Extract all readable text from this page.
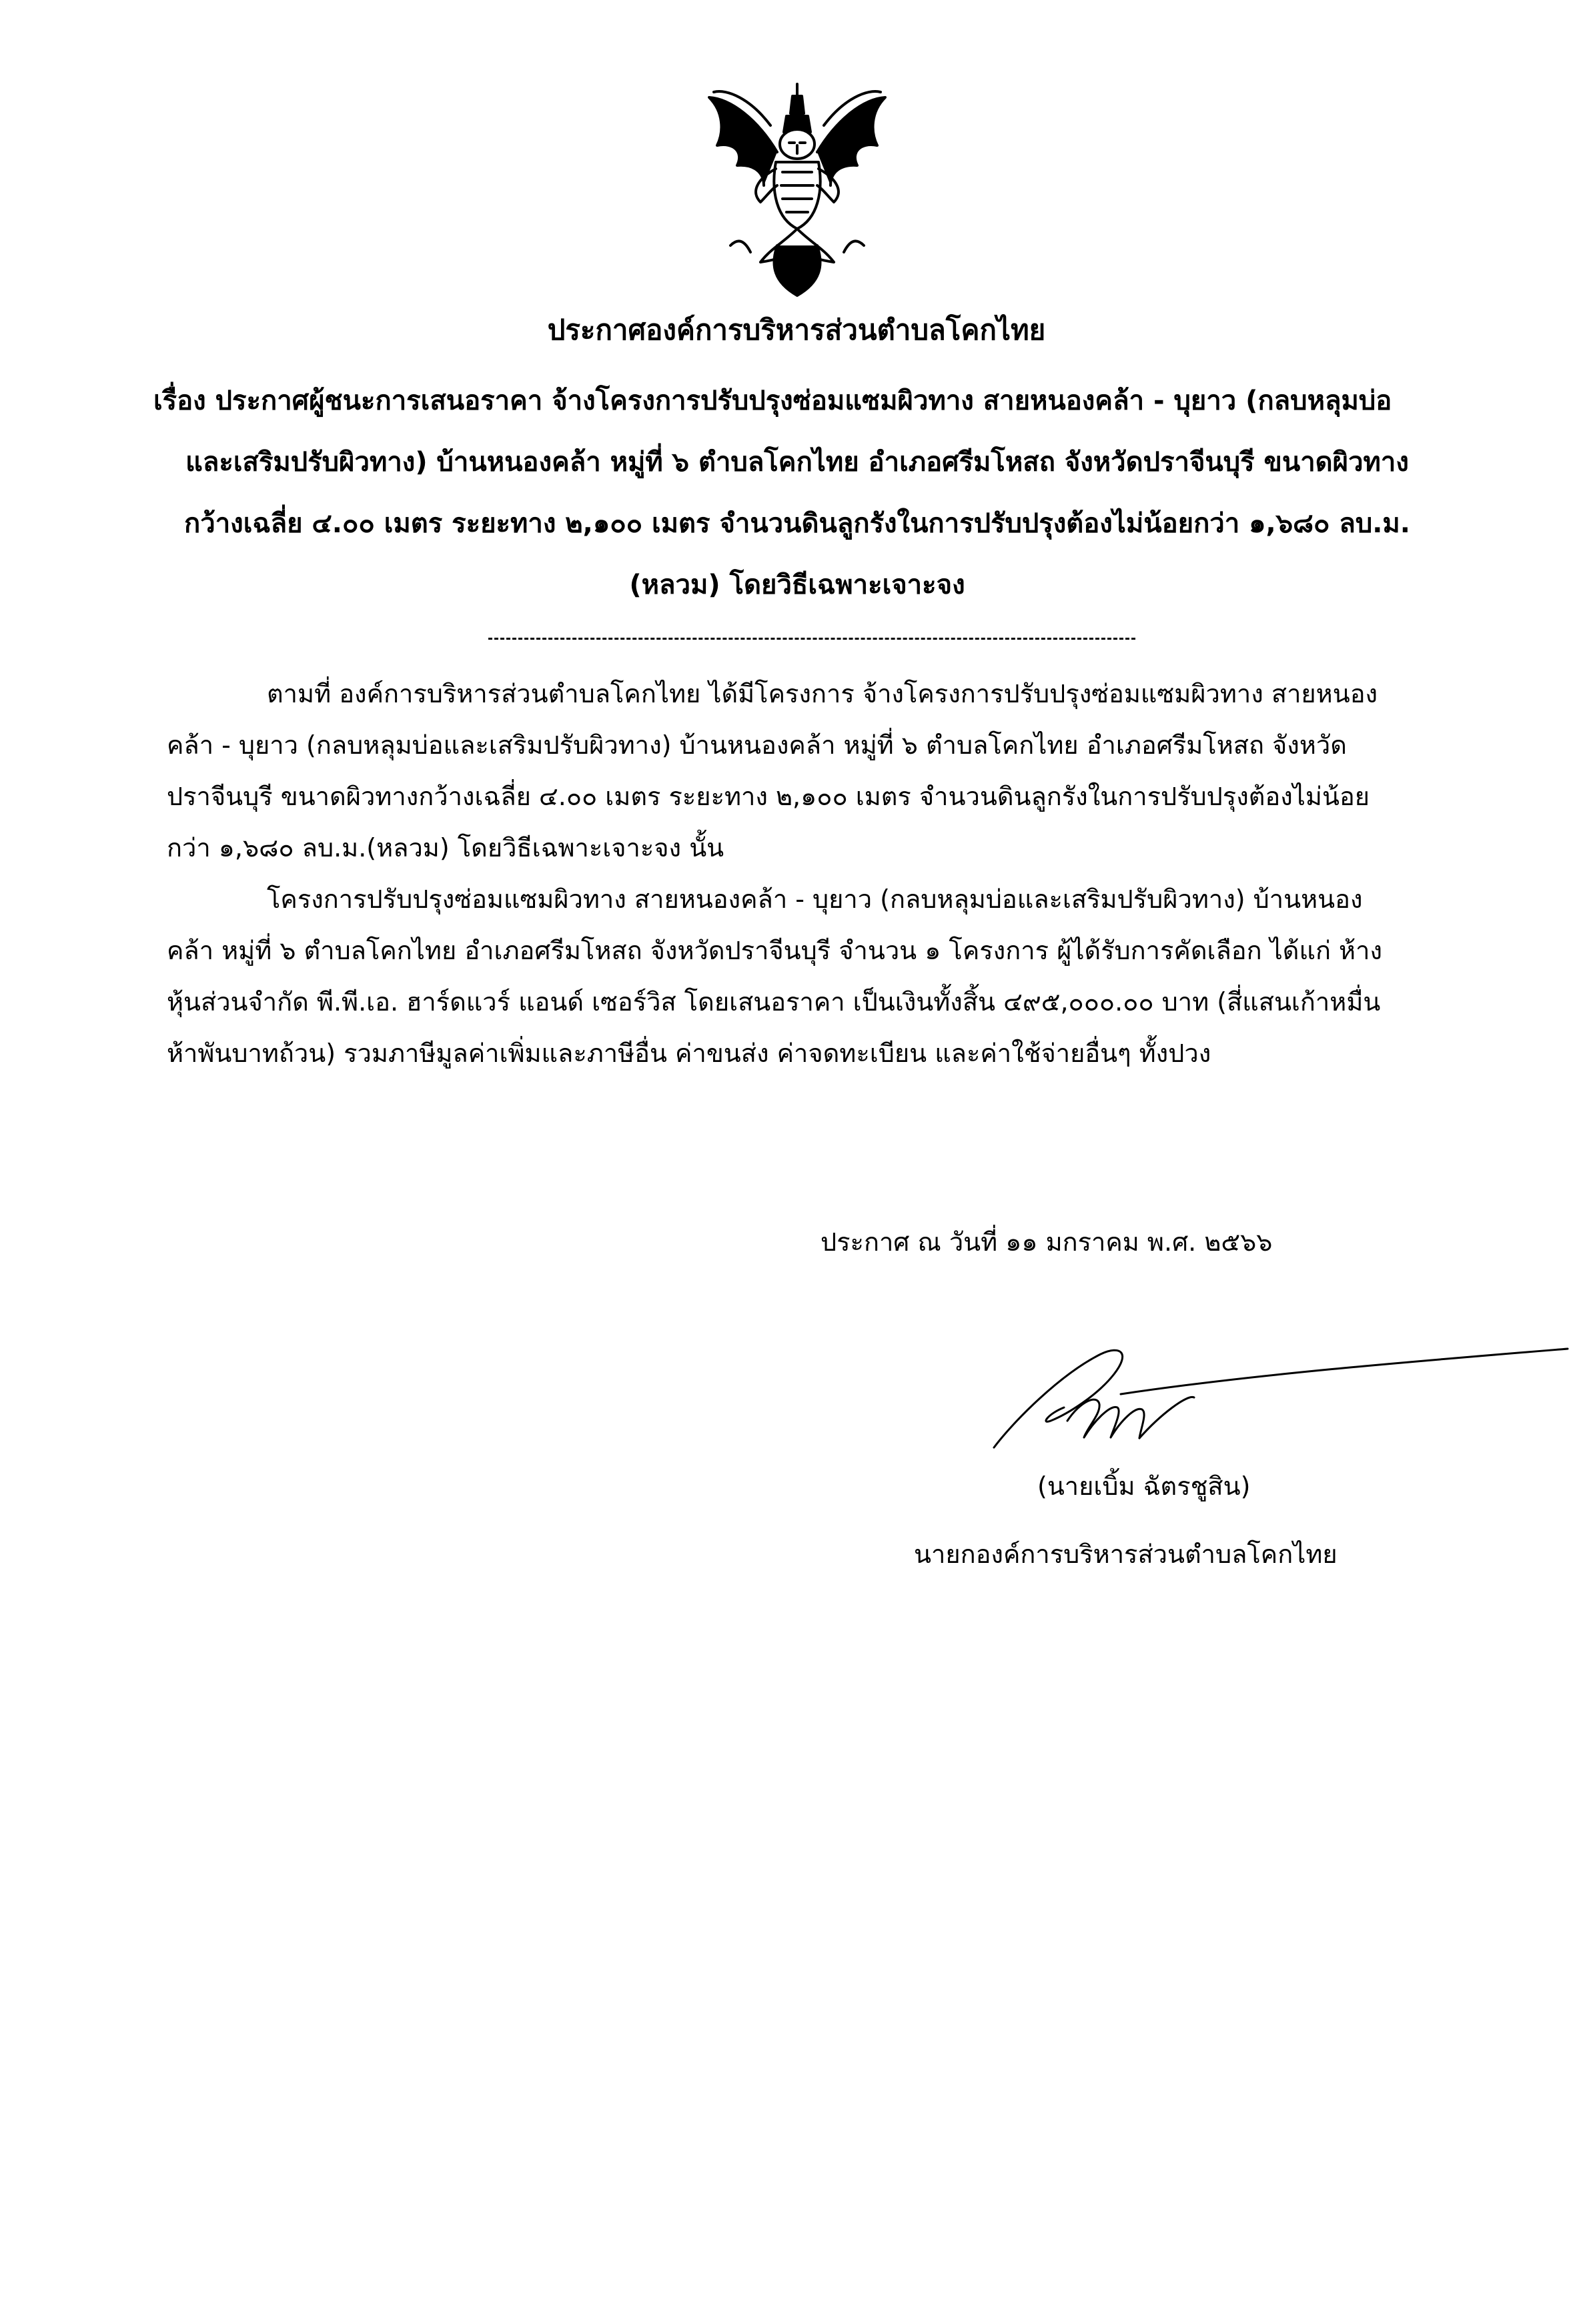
ประกาศองค์การบริหารส่วนตำบลโคกไทย
เรื่อง ประกาศผู้ชนะการเสนอราคา จ้างโครงการปรับปรุงซ่อมแซมผิวทาง สายหนองคล้า - บุยาว (กลบหลุมบ่อ
และเสริมปรับผิวทาง) บ้านหนองคล้า หมู่ที่ ๖ ตำบลโคกไทย อำเภอศรีมโหสถ จังหวัดปราจีนบุรี ขนาดผิวทาง
กว้างเฉลี่ย ๔.๐๐ เมตร ระยะทาง ๒,๑๐๐ เมตร จำนวนดินลูกรังในการปรับปรุงต้องไม่น้อยกว่า ๑,๖๘๐ ลบ.ม.
(หลวม) โดยวิธีเฉพาะเจาะจง
ตามที่ องค์การบริหารส่วนตำบลโคกไทย ได้มีโครงการ จ้างโครงการปรับปรุงซ่อมแซมผิวทาง สายหนอง
คล้า - บุยาว (กลบหลุมบ่อและเสริมปรับผิวทาง) บ้านหนองคล้า หมู่ที่ ๖ ตำบลโคกไทย อำเภอศรีมโหสถ จังหวัด
ปราจีนบุรี ขนาดผิวทางกว้างเฉลี่ย ๔.๐๐ เมตร ระยะทาง ๒,๑๐๐ เมตร จำนวนดินลูกรังในการปรับปรุงต้องไม่น้อย
กว่า ๑,๖๘๐ ลบ.ม.(หลวม) โดยวิธีเฉพาะเจาะจง นั้น
โครงการปรับปรุงซ่อมแซมผิวทาง สายหนองคล้า - บุยาว (กลบหลุมบ่อและเสริมปรับผิวทาง) บ้านหนอง
คล้า หมู่ที่ ๖ ตำบลโคกไทย อำเภอศรีมโหสถ จังหวัดปราจีนบุรี จำนวน ๑ โครงการ ผู้ได้รับการคัดเลือก ได้แก่ ห้าง
หุ้นส่วนจำกัด พี.พี.เอ. ฮาร์ดแวร์ แอนด์ เซอร์วิส โดยเสนอราคา เป็นเงินทั้งสิ้น ๔๙๕,๐๐๐.๐๐ บาท (สี่แสนเก้าหมื่น
ห้าพันบาทถ้วน) รวมภาษีมูลค่าเพิ่มและภาษีอื่น ค่าขนส่ง ค่าจดทะเบียน และค่าใช้จ่ายอื่นๆ ทั้งปวง
ประกาศ ณ วันที่ ๑๑ มกราคม พ.ศ. ๒๕๖๖
(นายเบิ้ม ฉัตรชูสิน)
นายกองค์การบริหารส่วนตำบลโคกไทย
